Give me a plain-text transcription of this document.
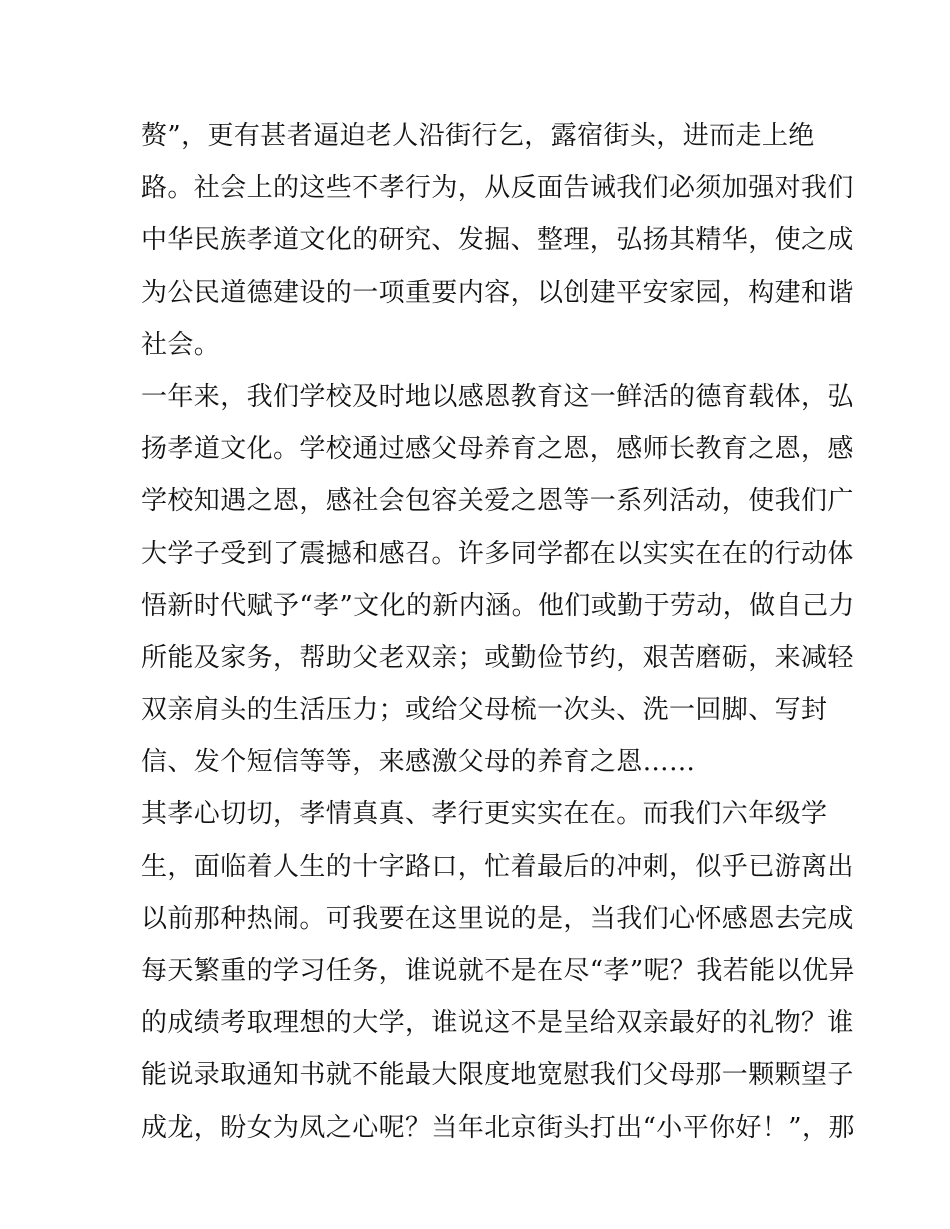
赘”，更有甚者逼迫老人沿街行乞，露宿街头，进而走上绝
路。社会上的这些不孝行为，从反面告诫我们必须加强对我们
中华民族孝道文化的研究、发掘、整理，弘扬其精华，使之成
为公民道德建设的一项重要内容，以创建平安家园，构建和谐
社会。
一年来，我们学校及时地以感恩教育这一鲜活的德育载体，弘
扬孝道文化。学校通过感父母养育之恩，感师长教育之恩，感
学校知遇之恩，感社会包容关爱之恩等一系列活动，使我们广
大学子受到了震撼和感召。许多同学都在以实实在在的行动体
悟新时代赋予“孝”文化的新内涵。他们或勤于劳动，做自己力
所能及家务，帮助父老双亲；或勤俭节约，艰苦磨砺，来减轻
双亲肩头的生活压力；或给父母梳一次头、洗一回脚、写封
信、发个短信等等，来感激父母的养育之恩……
其孝心切切，孝情真真、孝行更实实在在。而我们六年级学
生，面临着人生的十字路口，忙着最后的冲刺，似乎已游离出
以前那种热闹。可我要在这里说的是，当我们心怀感恩去完成
每天繁重的学习任务，谁说就不是在尽“孝”呢？我若能以优异
的成绩考取理想的大学，谁说这不是呈给双亲最好的礼物？谁
能说录取通知书就不能最大限度地宽慰我们父母那一颗颗望子
成龙，盼女为凤之心呢？当年北京街头打出“小平你好！”，那
